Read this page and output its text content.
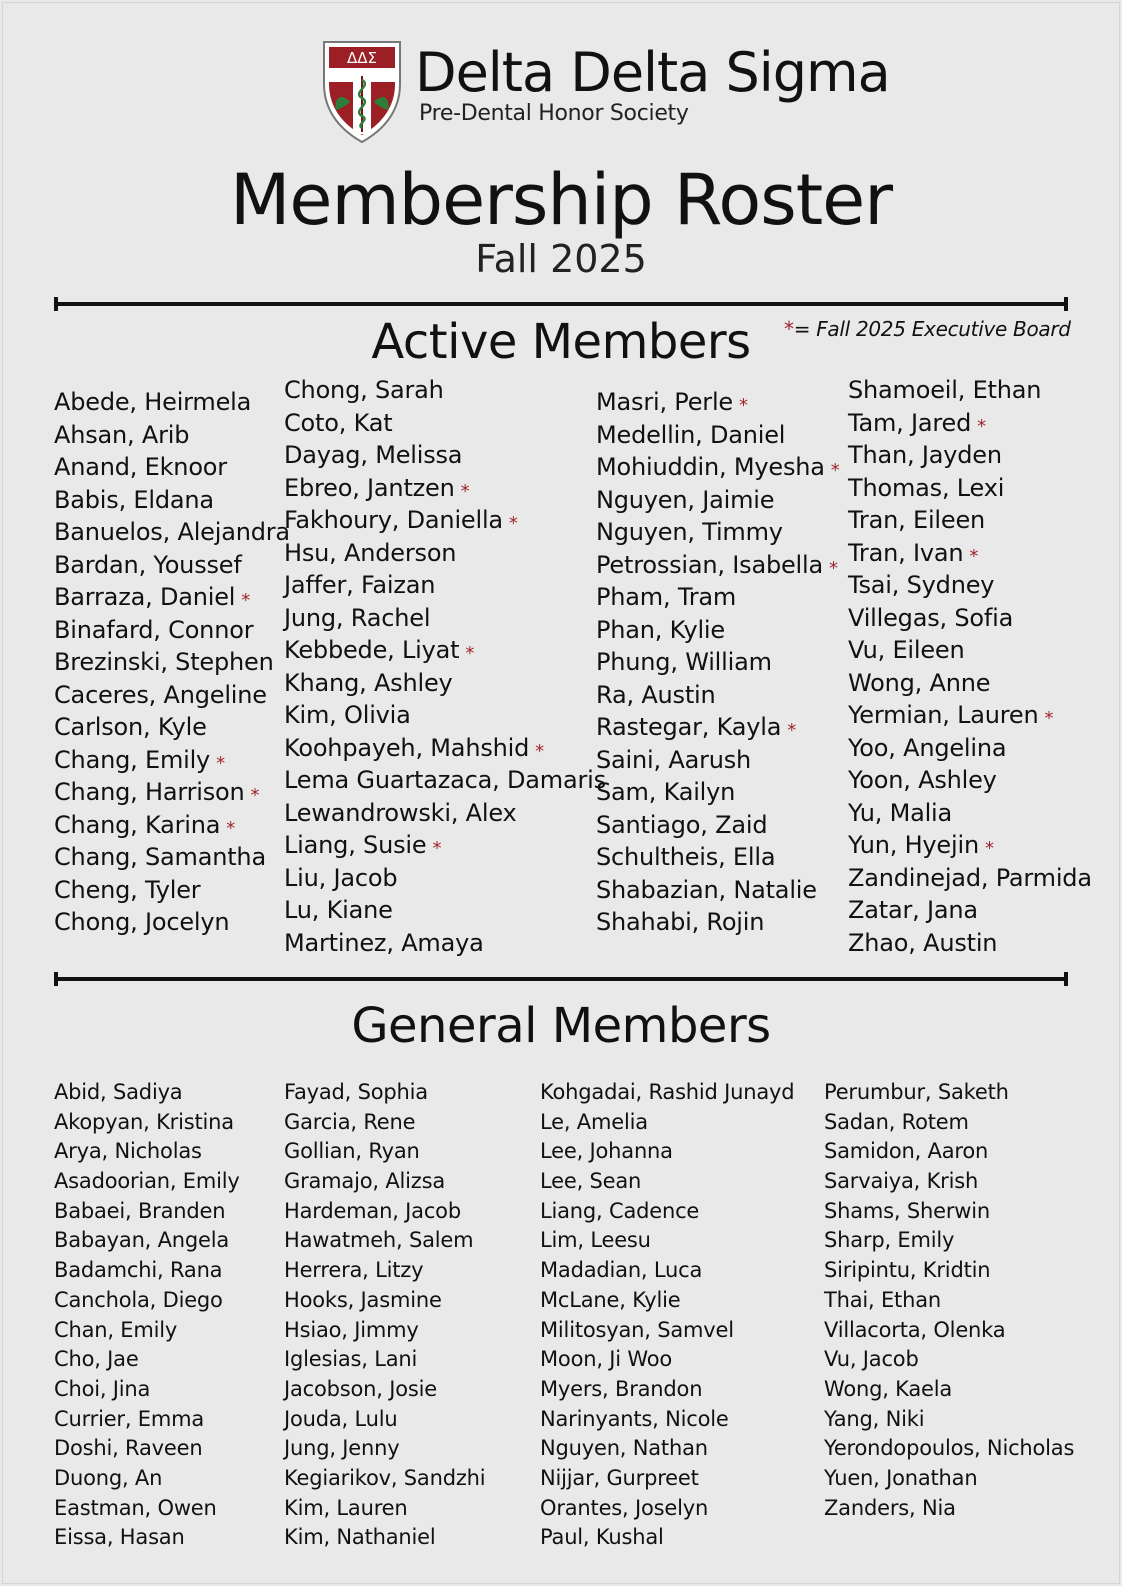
ΔΔΣ Delta Delta Sigma
Pre-Dental Honor Society
Membership Roster
Fall 2025
Active Members	*= Fall 2025 Executive Board
Abede, Heirmela
Ahsan, Arib
Anand, Eknoor
Babis, Eldana
Banuelos, Alejandra
Bardan, Youssef
Barraza, Daniel *
Binafard, Connor
Brezinski, Stephen
Caceres, Angeline
Carlson, Kyle
Chang, Emily *
Chang, Harrison *
Chang, Karina *
Chang, Samantha
Cheng, Tyler
Chong, Jocelyn
Chong, Sarah
Coto, Kat
Dayag, Melissa
Ebreo, Jantzen *
Fakhoury, Daniella *
Hsu, Anderson
Jaffer, Faizan
Jung, Rachel
Kebbede, Liyat *
Khang, Ashley
Kim, Olivia
Koohpayeh, Mahshid *
Lema Guartazaca, Damaris
Lewandrowski, Alex
Liang, Susie *
Liu, Jacob
Lu, Kiane
Martinez, Amaya
Masri, Perle *
Medellin, Daniel
Mohiuddin, Myesha *
Nguyen, Jaimie
Nguyen, Timmy
Petrossian, Isabella *
Pham, Tram
Phan, Kylie
Phung, William
Ra, Austin
Rastegar, Kayla *
Saini, Aarush
Sam, Kailyn
Santiago, Zaid
Schultheis, Ella
Shabazian, Natalie
Shahabi, Rojin
Shamoeil, Ethan
Tam, Jared *
Than, Jayden
Thomas, Lexi
Tran, Eileen
Tran, Ivan *
Tsai, Sydney
Villegas, Sofia
Vu, Eileen
Wong, Anne
Yermian, Lauren *
Yoo, Angelina
Yoon, Ashley
Yu, Malia
Yun, Hyejin *
Zandinejad, Parmida
Zatar, Jana
Zhao, Austin
General Members
Abid, Sadiya
Akopyan, Kristina
Arya, Nicholas
Asadoorian, Emily
Babaei, Branden
Babayan, Angela
Badamchi, Rana
Canchola, Diego
Chan, Emily
Cho, Jae
Choi, Jina
Currier, Emma
Doshi, Raveen
Duong, An
Eastman, Owen
Eissa, Hasan
Fayad, Sophia
Garcia, Rene
Gollian, Ryan
Gramajo, Alizsa
Hardeman, Jacob
Hawatmeh, Salem
Herrera, Litzy
Hooks, Jasmine
Hsiao, Jimmy
Iglesias, Lani
Jacobson, Josie
Jouda, Lulu
Jung, Jenny
Kegiarikov, Sandzhi
Kim, Lauren
Kim, Nathaniel
Kohgadai, Rashid Junayd
Le, Amelia
Lee, Johanna
Lee, Sean
Liang, Cadence
Lim, Leesu
Madadian, Luca
McLane, Kylie
Militosyan, Samvel
Moon, Ji Woo
Myers, Brandon
Narinyants, Nicole
Nguyen, Nathan
Nijjar, Gurpreet
Orantes, Joselyn
Paul, Kushal
Perumbur, Saketh
Sadan, Rotem
Samidon, Aaron
Sarvaiya, Krish
Shams, Sherwin
Sharp, Emily
Siripintu, Kridtin
Thai, Ethan
Villacorta, Olenka
Vu, Jacob
Wong, Kaela
Yang, Niki
Yerondopoulos, Nicholas
Yuen, Jonathan
Zanders, Nia
